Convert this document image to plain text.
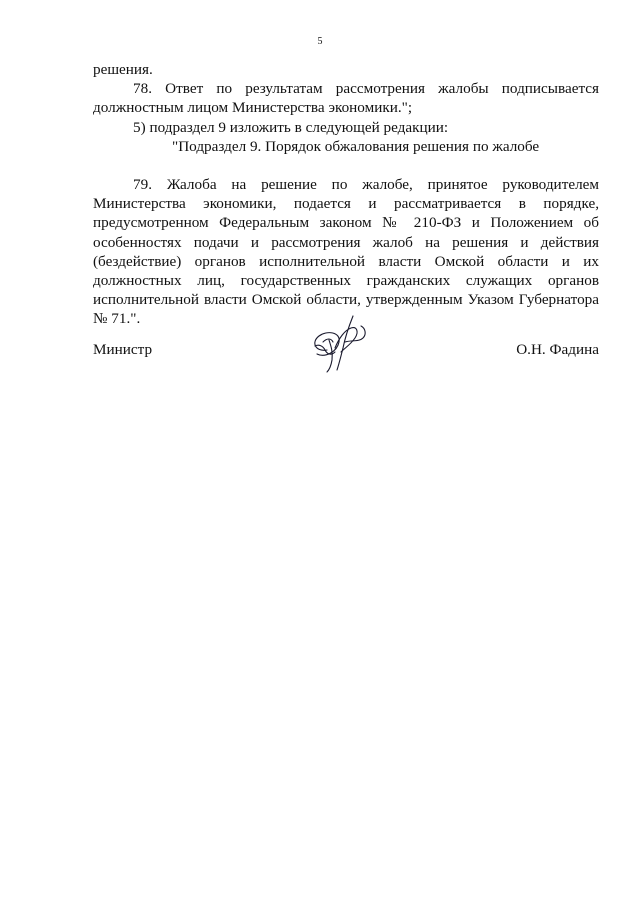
5

решения.

78. Ответ по результатам рассмотрения жалобы подписывается должностным лицом Министерства экономики.";

5) подраздел 9 изложить в следующей редакции:

"Подраздел 9. Порядок обжалования решения по жалобе

79. Жалоба на решение по жалобе, принятое руководителем Министерства экономики, подается и рассматривается в порядке, предусмотренном Федеральным законом № 210-ФЗ и Положением об особенностях подачи и рассмотрения жалоб на решения и действия (бездействие) органов исполнительной власти Омской области и их должностных лиц, государственных гражданских служащих органов исполнительной власти Омской области, утвержденным Указом Губернатора № 71.".

Министр	О.Н. Фадина
